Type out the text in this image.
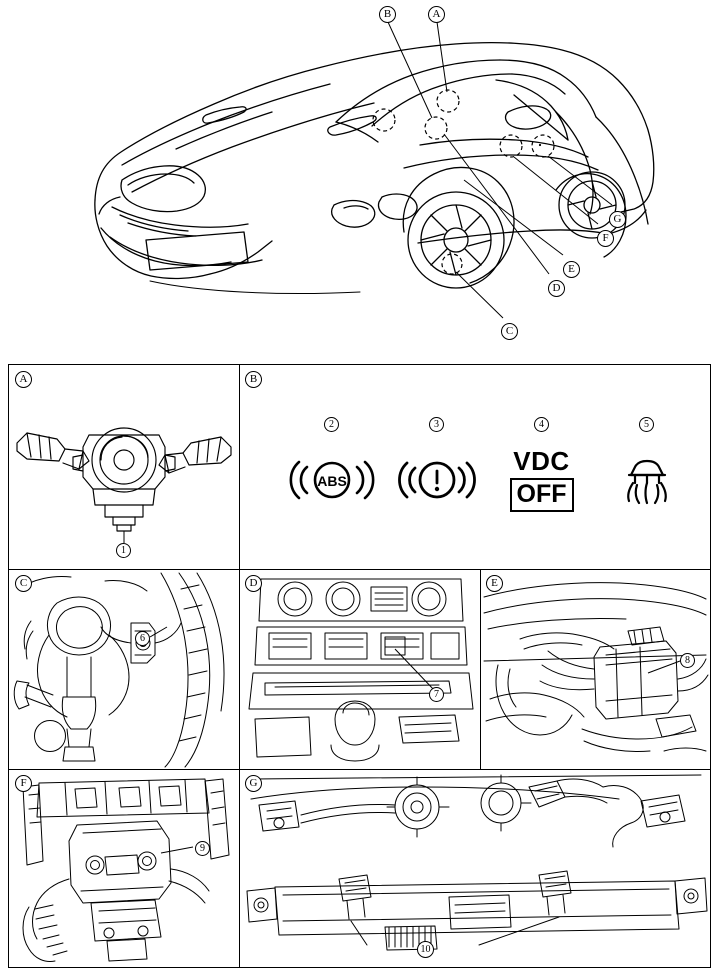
B	A
G
F
E
D
C
A
1
B
2
ABS
3	4
VDC
OFF
5
C
6
D
7
E
8
F
9
G
10
